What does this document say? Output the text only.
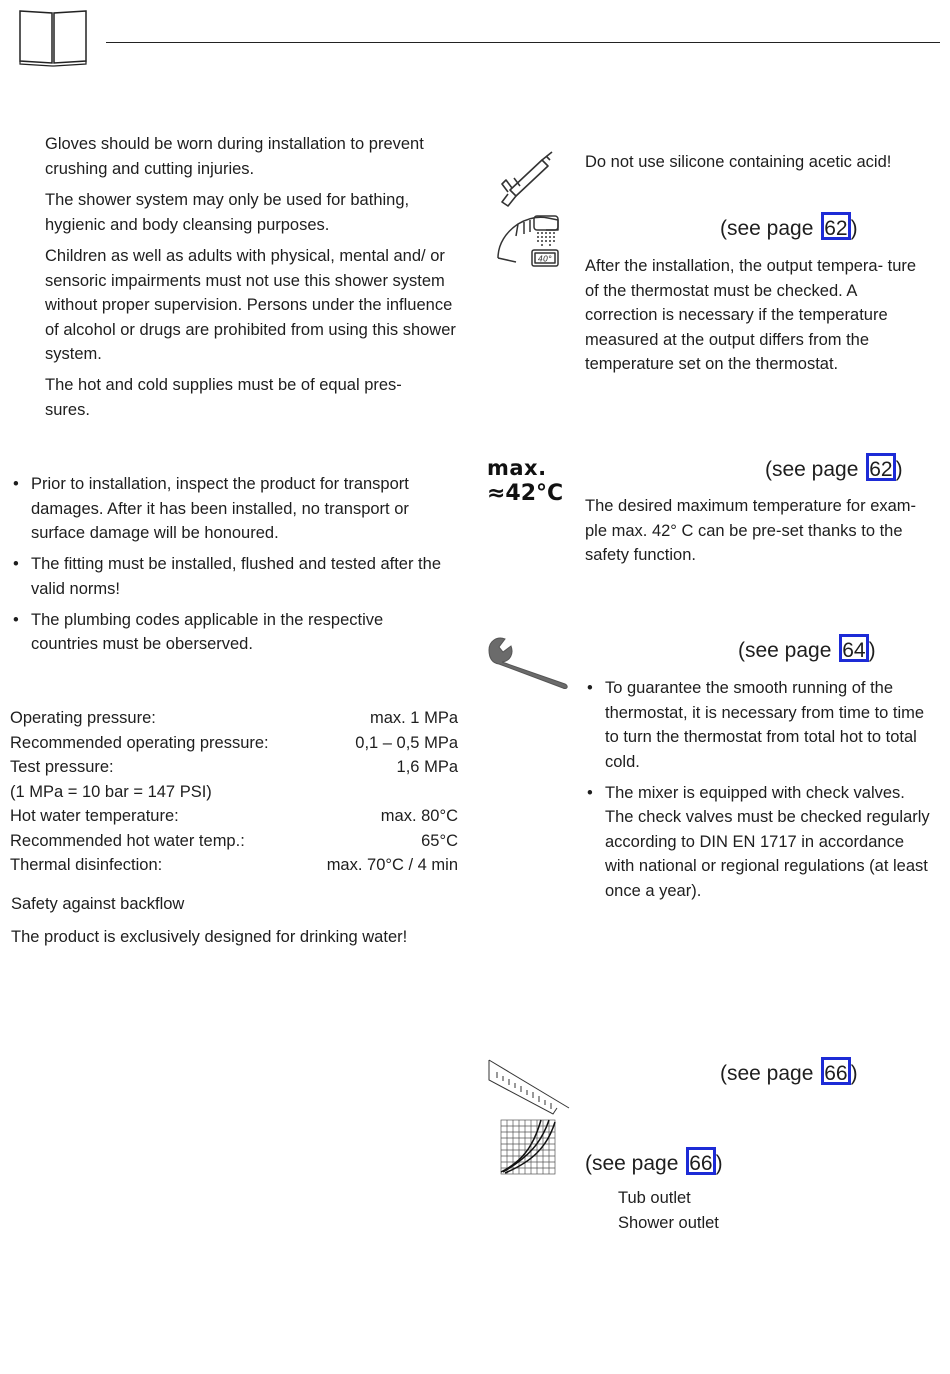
Gloves should be worn during installation to prevent crushing and cutting injuries.

The shower system may only be used for bathing, hygienic and body cleansing purposes.

Children as well as adults with physical, mental and/ or sensoric impairments must not use this shower system without proper supervision. Persons under the influence of alcohol or drugs are prohibited from using this shower system.

The hot and cold supplies must be of equal pres- sures.

• Prior to installation, inspect the product for transport damages. After it has been installed, no transport or surface damage will be honoured.
• The fitting must be installed, flushed and tested after the valid norms!
• The plumbing codes applicable in the respective countries must be oberserved.
Operating pressure:	max. 1 MPa
Recommended operating pressure:	0,1 – 0,5 MPa
Test pressure:	1,6 MPa
(1 MPa = 10 bar = 147 PSI)	
Hot water temperature:	max. 80°C
Recommended hot water temp.:	65°C
Thermal disinfection:	max. 70°C / 4 min

Safety against backflow

The product is exclusively designed for drinking water!

Do not use silicone containing acetic acid!

40°
(see page 62 )

After the installation, the output tempera- ture of the thermostat must be checked. A correction is necessary if the temperature measured at the output differs from the temperature set on the thermostat.

max.
≈42°C
(see page 62 )

The desired maximum temperature for exam- ple max. 42° C can be pre-set thanks to the safety function.

(see page 64 )
• To guarantee the smooth running of the thermostat, it is necessary from time to time to turn the thermostat from total hot to total cold.
• The mixer is equipped with check valves. The check valves must be checked regularly according to DIN EN 1717 in accordance with national or regional regulations (at least once a year).
(see page 66 )
(see page 66 )

Tub outlet

Shower outlet
